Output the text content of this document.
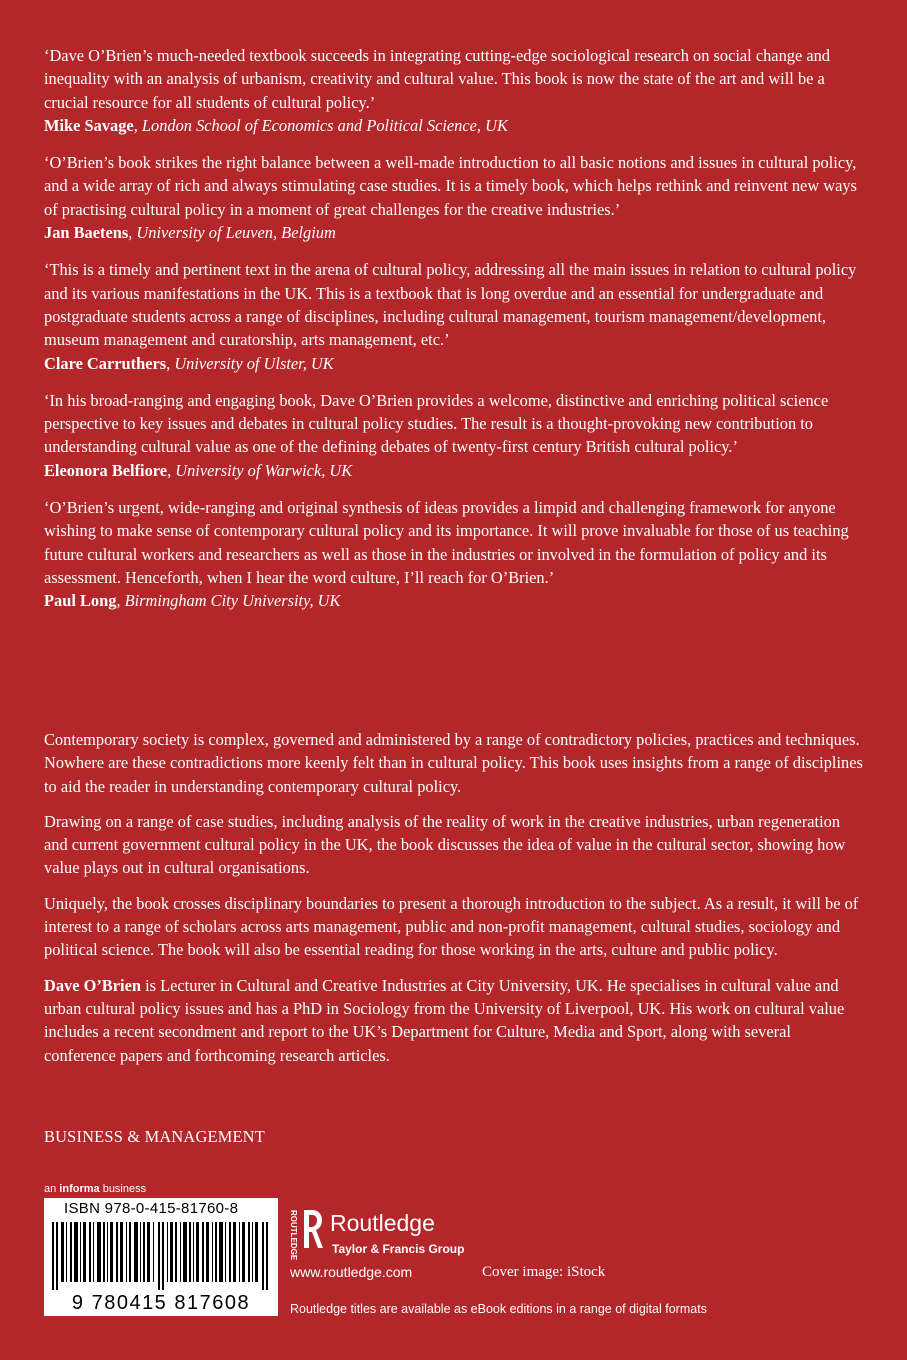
‘Dave O’Brien’s much-needed textbook succeeds in integrating cutting-edge sociological research on social change and inequality with an analysis of urbanism, creativity and cultural value. This book is now the state of the art and will be a crucial resource for all students of cultural policy.’
Mike Savage, London School of Economics and Political Science, UK

‘O’Brien’s book strikes the right balance between a well-made introduction to all basic notions and issues in cultural policy, and a wide array of rich and always stimulating case studies. It is a timely book, which helps rethink and reinvent new ways of practising cultural policy in a moment of great challenges for the creative industries.’
Jan Baetens, University of Leuven, Belgium

‘This is a timely and pertinent text in the arena of cultural policy, addressing all the main issues in relation to cultural policy and its various manifestations in the UK. This is a textbook that is long overdue and an essential for undergraduate and postgraduate students across a range of disciplines, including cultural management, tourism management/development, museum management and curatorship, arts management, etc.’
Clare Carruthers, University of Ulster, UK

‘In his broad-ranging and engaging book, Dave O’Brien provides a welcome, distinctive and enriching political science perspective to key issues and debates in cultural policy studies. The result is a thought-provoking new contribution to understanding cultural value as one of the defining debates of twenty-first century British cultural policy.’
Eleonora Belfiore, University of Warwick, UK

‘O’Brien’s urgent, wide-ranging and original synthesis of ideas provides a limpid and challenging framework for anyone wishing to make sense of contemporary cultural policy and its importance. It will prove invaluable for those of us teaching future cultural workers and researchers as well as those in the industries or involved in the formulation of policy and its assessment. Henceforth, when I hear the word culture, I’ll reach for O’Brien.’
Paul Long, Birmingham City University, UK

Contemporary society is complex, governed and administered by a range of contradictory policies, practices and techniques. Nowhere are these contradictions more keenly felt than in cultural policy. This book uses insights from a range of disciplines to aid the reader in understanding contemporary cultural policy.

Drawing on a range of case studies, including analysis of the reality of work in the creative industries, urban regeneration and current government cultural policy in the UK, the book discusses the idea of value in the cultural sector, showing how value plays out in cultural organisations.

Uniquely, the book crosses disciplinary boundaries to present a thorough introduction to the subject. As a result, it will be of interest to a range of scholars across arts management, public and non-profit management, cultural studies, sociology and political science. The book will also be essential reading for those working in the arts, culture and public policy.

Dave O’Brien is Lecturer in Cultural and Creative Industries at City University, UK. He specialises in cultural value and urban cultural policy issues and has a PhD in Sociology from the University of Liverpool, UK. His work on cultural value includes a recent secondment and report to the UK’s Department for Culture, Media and Sport, along with several conference papers and forthcoming research articles.

BUSINESS & MANAGEMENT
an informa business
ISBN 978-0-415-81760-8
9 780415 817608
ROUTLEDGE Routledge
Taylor & Francis Group
www.routledge.com	Cover image: iStock
Routledge titles are available as eBook editions in a range of digital formats
